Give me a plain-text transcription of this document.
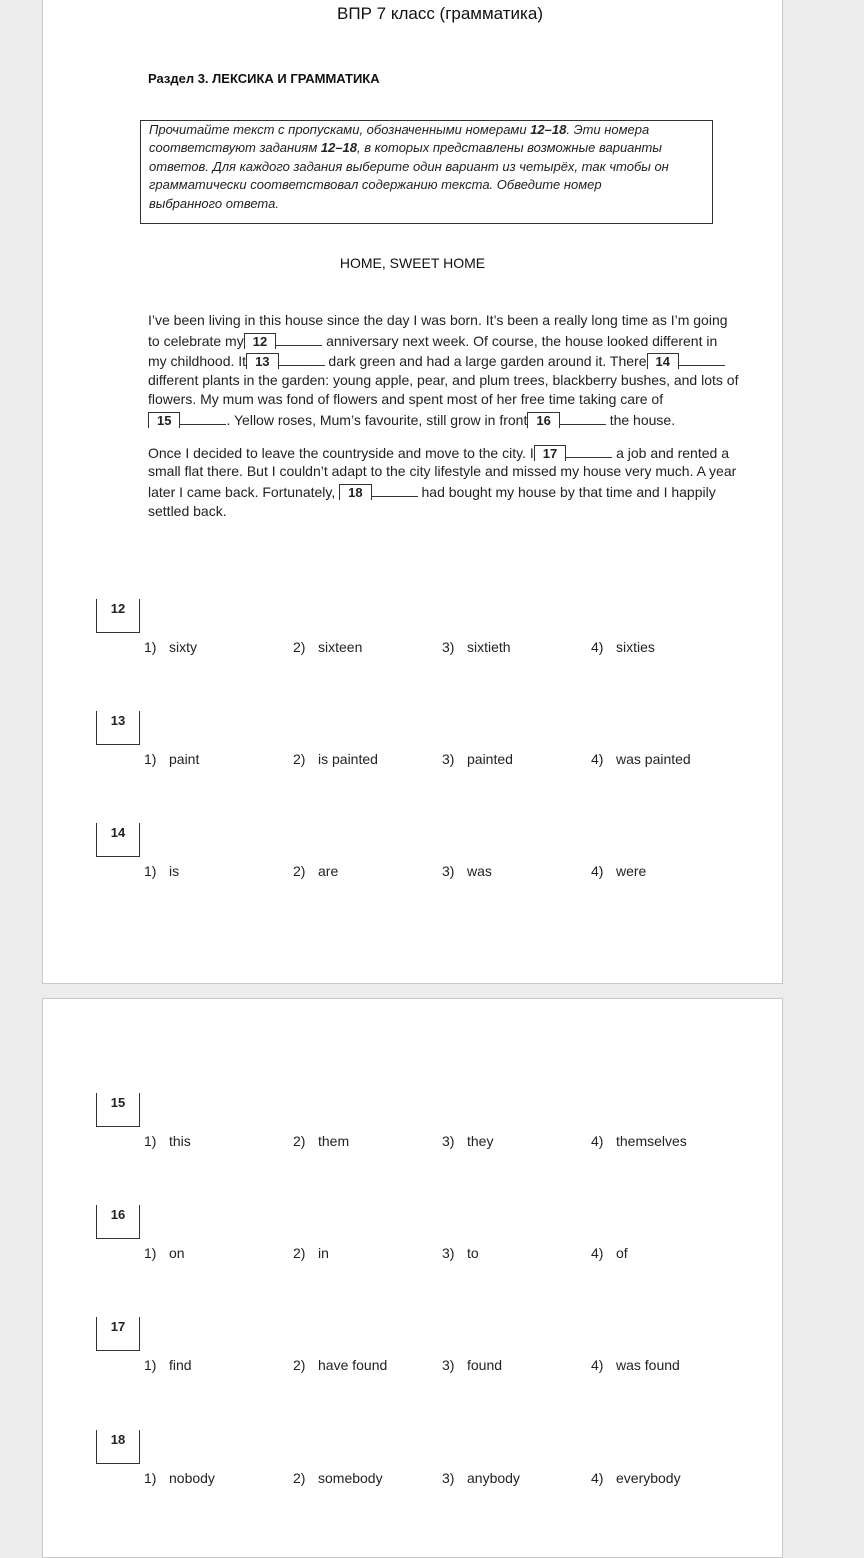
Раздел 3. ЛЕКСИКА И ГРАММАТИКА
Прочитайте текст с пропусками, обозначенными номерами 12–18. Эти номера
соответствуют заданиям 12–18, в которых представлены возможные варианты
ответов. Для каждого задания выберите один вариант из четырёх, так чтобы он
грамматически соответствовал содержанию текста. Обведите номер
выбранного ответа.
HOME, SWEET HOME
I’ve been living in this house since the day I was born. It’s been a really long time as I’m going
to celebrate my 12	anniversary next week. Of course, the house looked different in
my childhood. It 13	dark green and had a large garden around it. There 14
different plants in the garden: young apple, pear, and plum trees, blackberry bushes, and lots of
flowers. My mum was fond of flowers and spent most of her free time taking care of
15	. Yellow roses, Mum’s favourite, still grow in front 16	the house.
Once I decided to leave the countryside and move to the city. I 17	a job and rented a
small flat there. But I couldn’t adapt to the city lifestyle and missed my house very much. A year
later I came back. Fortunately, 18	had bought my house by that time and I happily
settled back.
12
1) sixty	2) sixteen	3) sixtieth	4) sixties
13
1) paint	2) is painted	3) painted	4) was painted
14
1) is	2) are	3) was	4) were
15
1) this	2) them	3) they	4) themselves
16
1) on	2) in	3) to	4) of
17
1) find	2) have found	3) found	4) was found
18
1) nobody	2) somebody	3) anybody	4) everybody
ВПР 7 класс (грамматика)
